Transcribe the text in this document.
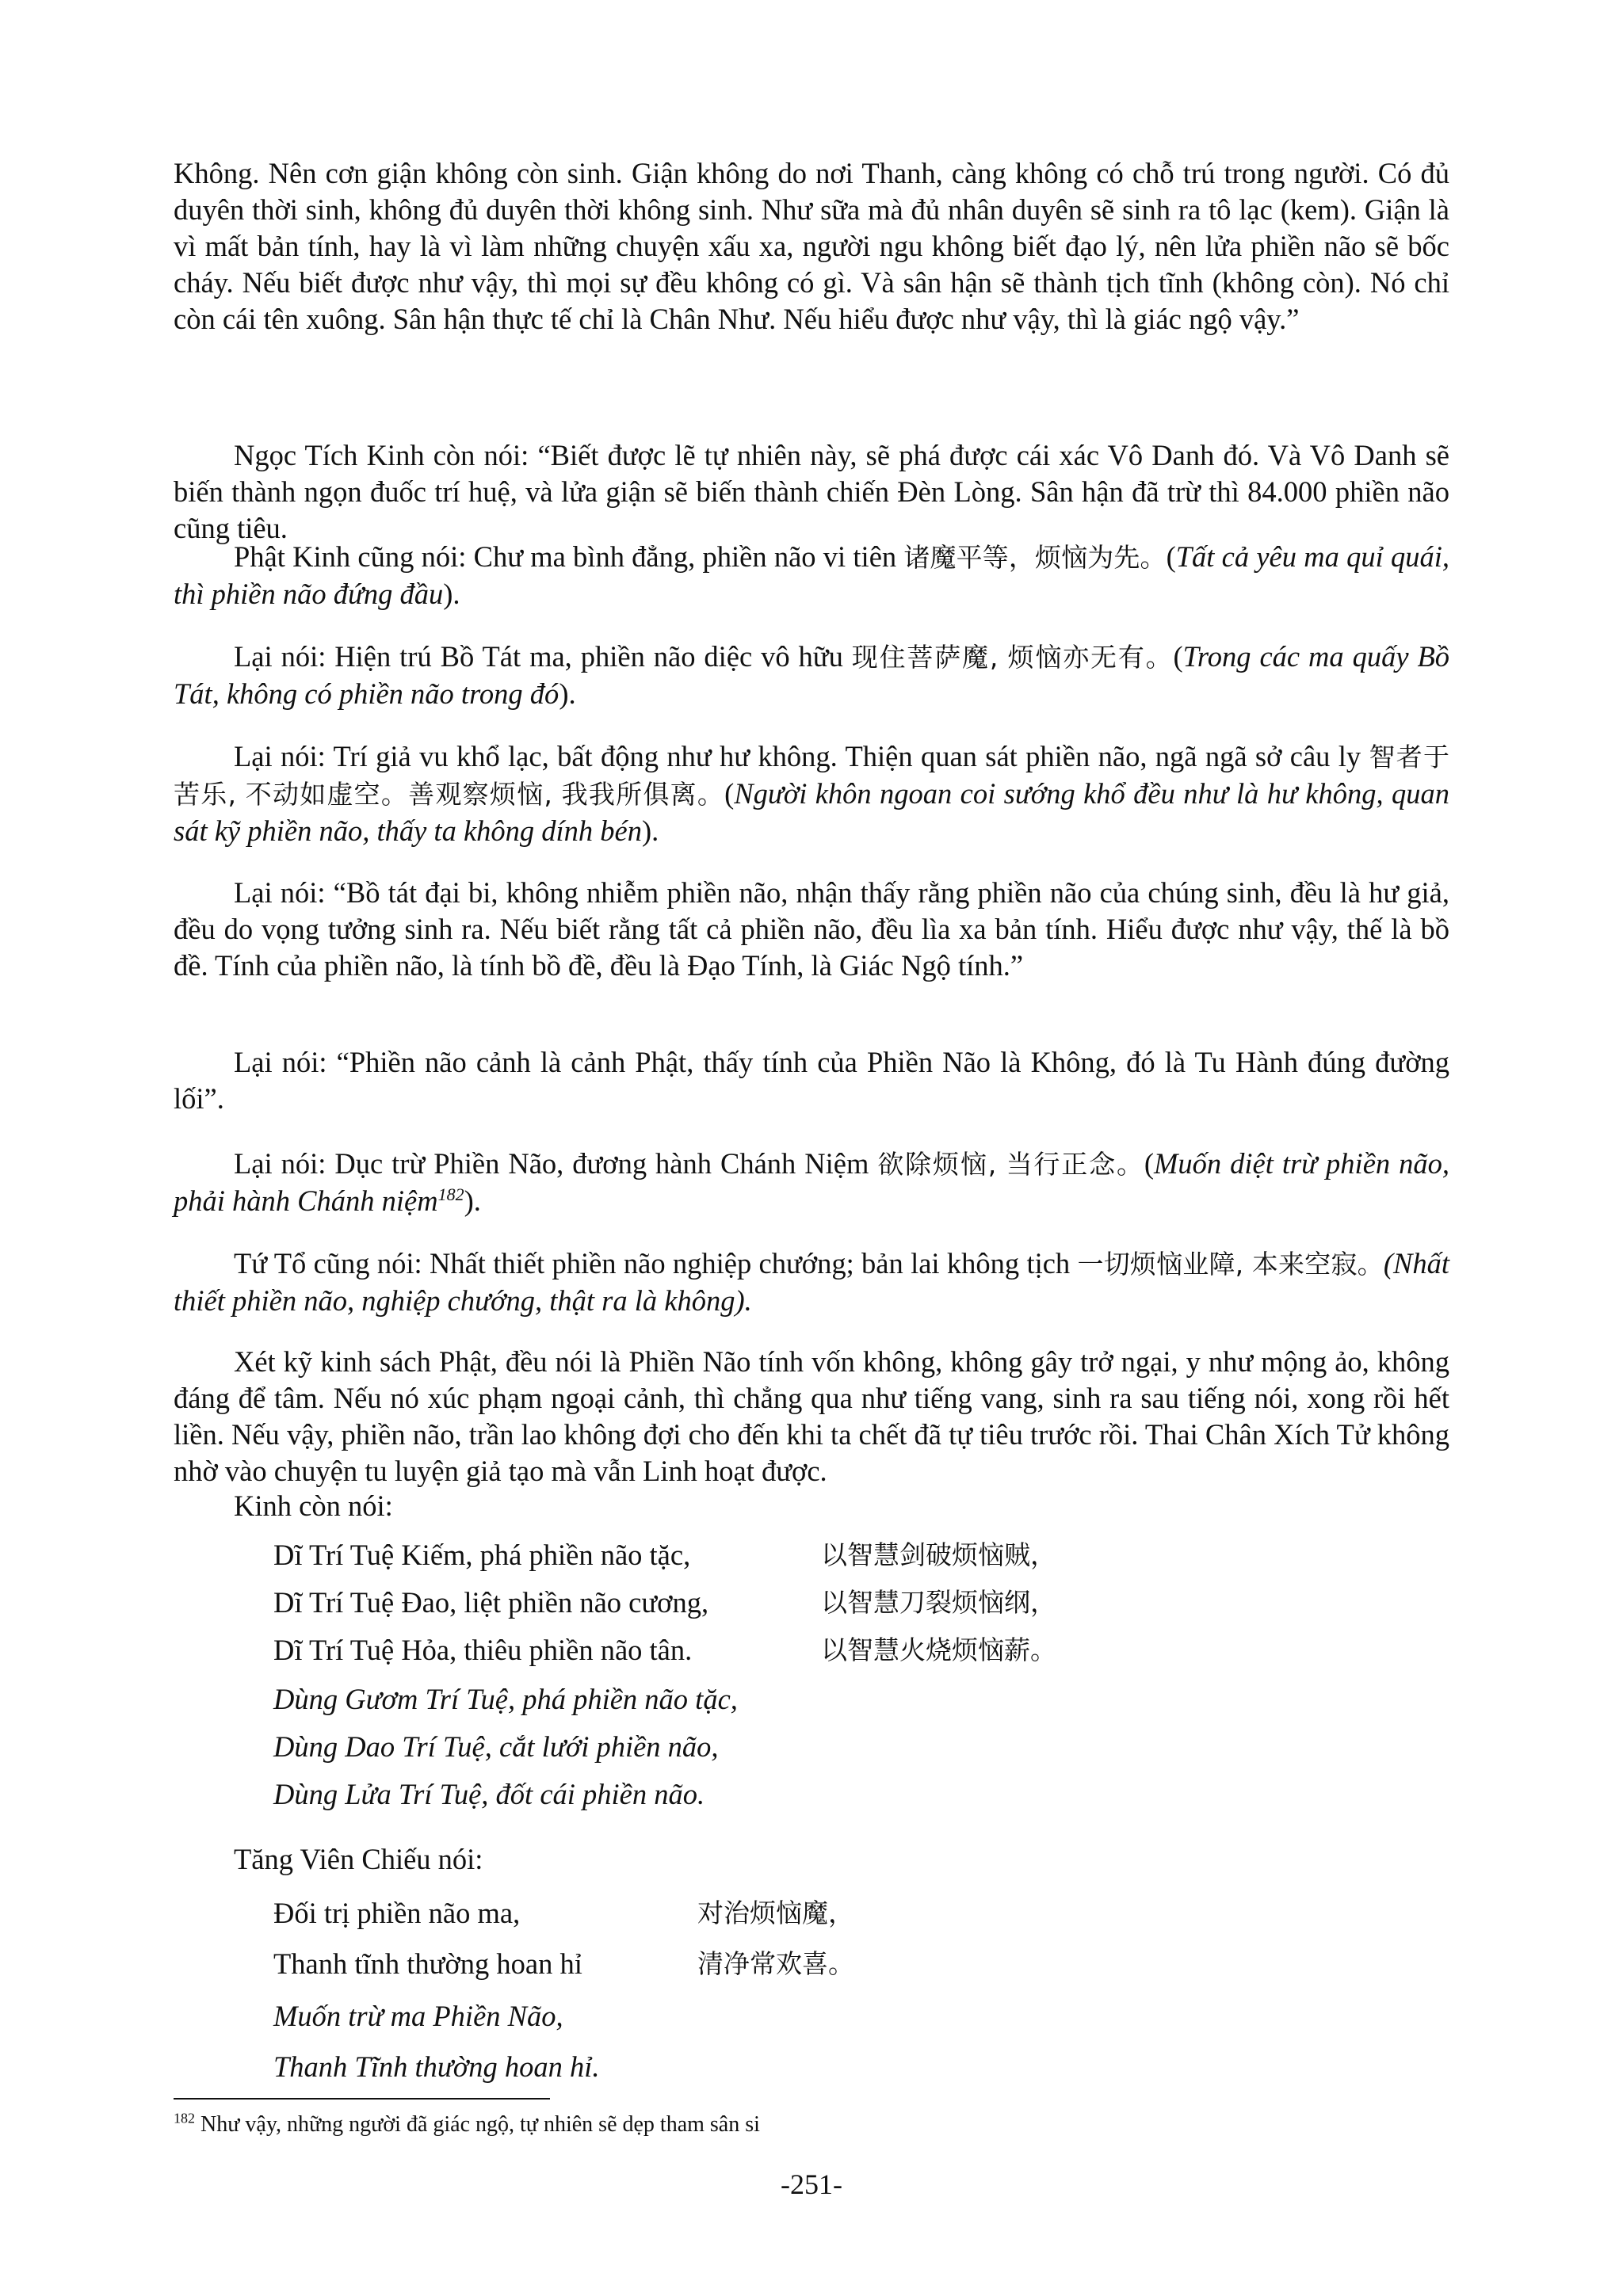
Không. Nên cơn giận không còn sinh. Giận không do nơi Thanh, càng không có chỗ trú trong người. Có đủ duyên thời sinh, không đủ duyên thời không sinh. Như sữa mà đủ nhân duyên sẽ sinh ra tô lạc (kem). Giận là vì mất bản tính, hay là vì làm những chuyện xấu xa, người ngu không biết đạo lý, nên lửa phiền não sẽ bốc cháy. Nếu biết được như vậy, thì mọi sự đều không có gì. Và sân hận sẽ thành tịch tĩnh (không còn). Nó chỉ còn cái tên xuông. Sân hận thực tế chỉ là Chân Như. Nếu hiểu được như vậy, thì là giác ngộ vậy.”

Ngọc Tích Kinh còn nói: “Biết được lẽ tự nhiên này, sẽ phá được cái xác Vô Danh đó. Và Vô Danh sẽ biến thành ngọn đuốc trí huệ, và lửa giận sẽ biến thành chiến Đèn Lòng. Sân hận đã trừ thì 84.000 phiền não cũng tiêu.

Phật Kinh cũng nói: Chư ma bình đẳng, phiền não vi tiên 诸魔平等，烦恼为先。(Tất cả yêu ma quỉ quái, thì phiền não đứng đầu).

Lại nói: Hiện trú Bồ Tát ma, phiền não diệc vô hữu 现住菩萨魔, 烦恼亦无有。(Trong các ma quấy Bồ Tát, không có phiền não trong đó).

Lại nói: Trí giả vu khổ lạc, bất động như hư không. Thiện quan sát phiền não, ngã ngã sở câu ly 智者于苦乐, 不动如虚空。善观察烦恼, 我我所俱离。(Người khôn ngoan coi sướng khổ đều như là hư không, quan sát kỹ phiền não, thấy ta không dính bén).

Lại nói: “Bồ tát đại bi, không nhiễm phiền não, nhận thấy rằng phiền não của chúng sinh, đều là hư giả, đều do vọng tưởng sinh ra. Nếu biết rằng tất cả phiền não, đều lìa xa bản tính. Hiểu được như vậy, thế là bồ đề. Tính của phiền não, là tính bồ đề, đều là Đạo Tính, là Giác Ngộ tính.”

Lại nói: “Phiền não cảnh là cảnh Phật, thấy tính của Phiền Não là Không, đó là Tu Hành đúng đường lối”.

Lại nói: Dục trừ Phiền Não, đương hành Chánh Niệm 欲除烦恼, 当行正念。(Muốn diệt trừ phiền não, phải hành Chánh niệm$^{182}$).

Tứ Tổ cũng nói: Nhất thiết phiền não nghiệp chướng; bản lai không tịch 一切烦恼业障, 本来空寂。(Nhất thiết phiền não, nghiệp chướng, thật ra là không).

Xét kỹ kinh sách Phật, đều nói là Phiền Não tính vốn không, không gây trở ngại, y như mộng ảo, không đáng để tâm. Nếu nó xúc phạm ngoại cảnh, thì chẳng qua như tiếng vang, sinh ra sau tiếng nói, xong rồi hết liền. Nếu vậy, phiền não, trần lao không đợi cho đến khi ta chết đã tự tiêu trước rồi. Thai Chân Xích Tử không nhờ vào chuyện tu luyện giả tạo mà vẫn Linh hoạt được.

Kinh còn nói:
Dĩ Trí Tuệ Kiếm, phá phiền não tặc,	以智慧剑破烦恼贼，
Dĩ Trí Tuệ Đao, liệt phiền não cương,	以智慧刀裂烦恼纲，
Dĩ Trí Tuệ Hỏa, thiêu phiền não tân.	以智慧火烧烦恼薪。
Dùng Gươm Trí Tuệ, phá phiền não tặc,
Dùng Dao Trí Tuệ, cắt lưới phiền não,
Dùng Lửa Trí Tuệ, đốt cái phiền não.
Tăng Viên Chiếu nói:
Đối trị phiền não ma,	对治烦恼魔，
Thanh tĩnh thường hoan hỉ	清净常欢喜。
Muốn trừ ma Phiền Não,
Thanh Tĩnh thường hoan hỉ.
$^{182}$ Như vậy, những người đã giác ngộ, tự nhiên sẽ dẹp tham sân si
-251-
